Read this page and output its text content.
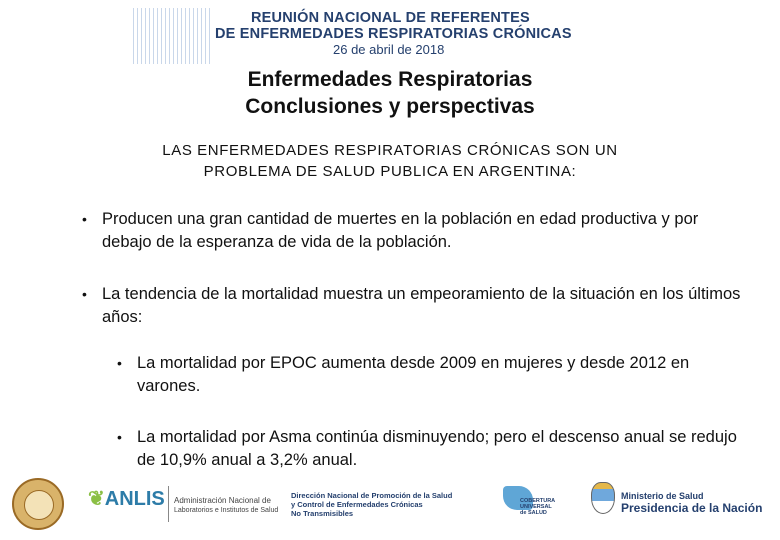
REUNIÓN NACIONAL DE REFERENTES
DE ENFERMEDADES RESPIRATORIAS CRÓNICAS
26 de abril de 2018
Enfermedades Respiratorias
Conclusiones y perspectivas
LAS ENFERMEDADES RESPIRATORIAS CRÓNICAS SON UN
PROBLEMA DE SALUD PUBLICA EN ARGENTINA:
• Producen una gran cantidad de muertes en la población en edad productiva y por debajo de la esperanza de vida de la población.
• La tendencia de la mortalidad muestra un empeoramiento de la situación en los últimos años:
• La mortalidad por EPOC aumenta desde 2009 en mujeres y desde 2012 en varones.
• La mortalidad por Asma continúa disminuyendo; pero el descenso anual se redujo de 10,9% anual a 3,2% anual.
❦ANLIS Administración Nacional de
Laboratorios e Institutos de Salud
Dirección Nacional de Promoción de la Salud
y Control de Enfermedades Crónicas
No Transmisibles
COBERTURA
UNIVERSAL
de SALUD
Ministerio de Salud
Presidencia de la Nación
